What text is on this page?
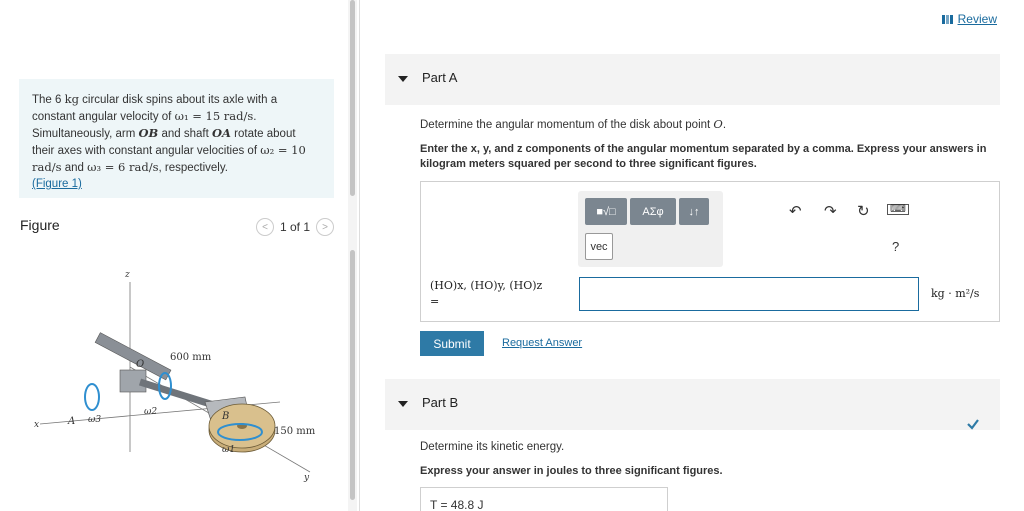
The 6 kg circular disk spins about its axle with a constant angular velocity of ω₁ = 15 rad/s. Simultaneously, arm OB and shaft OA rotate about their axes with constant angular velocities of ω₂ = 10 rad/s and ω₃ = 6 rad/s, respectively.
(Figure 1)
Figure	<	1 of 1	>
z
x
y
600 mm
150 mm
O
A	B
ω3
ω2
ω1
Review
Part A
Determine the angular momentum of the disk about point O.
Enter the x, y, and z components of the angular momentum separated by a comma. Express your answers in kilogram meters squared per second to three significant figures.
■√□	ΑΣφ	↓↑
vec
↶ ↷ ↻ ⌨
?
(HO)x, (HO)y, (HO)z
=
kg · m²/s
Submit	Request Answer
Part B
Determine its kinetic energy.
Express your answer in joules to three significant figures.
T = 48.8 J
